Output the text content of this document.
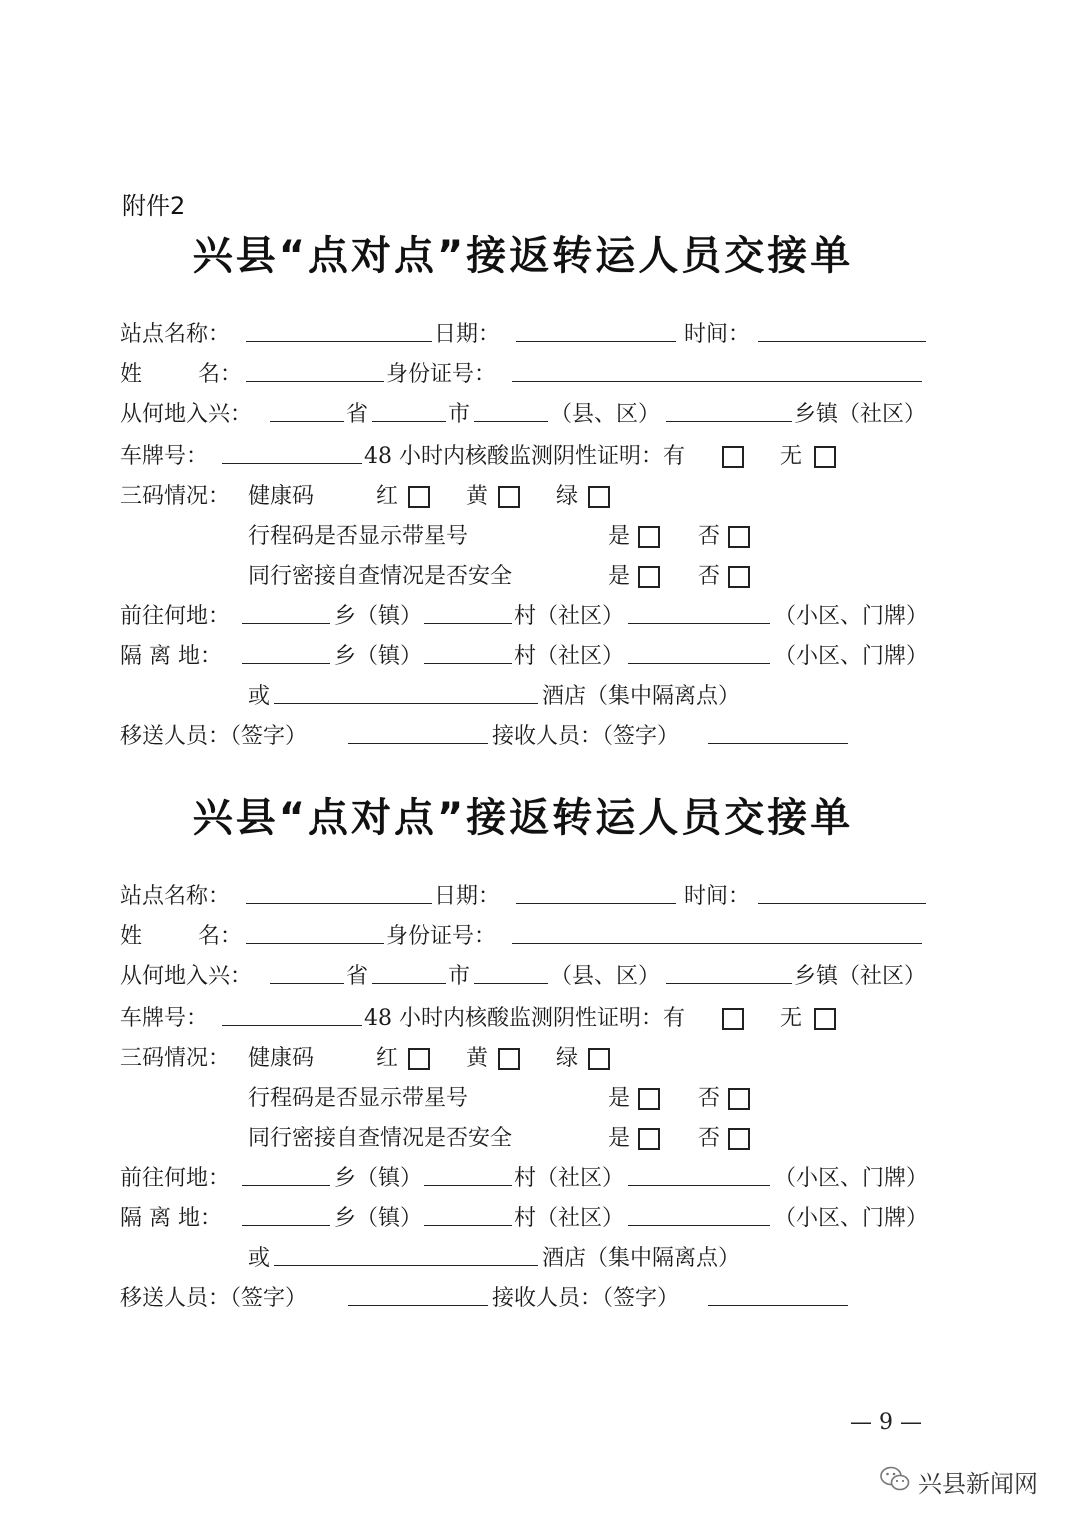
附件2
兴县“点对点”接返转运人员交接单
站点名称：	日期：	时间：
姓	名：	身份证号：
从何地入兴：	省	市	（县、区）	乡镇（社区）
车牌号：	48 小时内核酸监测阴性证明：有	无
三码情况： 健康码	红	黄	绿
行程码是否显示带星号	是	否
同行密接自查情况是否安全	是	否
前往何地：	乡（镇）	村（社区）	（小区、门牌）
隔 离 地：	乡（镇）	村（社区）	（小区、门牌）
或	酒店（集中隔离点）
移送人员：（签字）	接收人员：（签字）
兴县“点对点”接返转运人员交接单
站点名称：	日期：	时间：
姓	名：	身份证号：
从何地入兴：	省	市	（县、区）	乡镇（社区）
车牌号：	48 小时内核酸监测阴性证明：有	无
三码情况： 健康码	红	黄	绿
行程码是否显示带星号	是	否
同行密接自查情况是否安全	是	否
前往何地：	乡（镇）	村（社区）	（小区、门牌）
隔 离 地：	乡（镇）	村（社区）	（小区、门牌）
或	酒店（集中隔离点）
移送人员：（签字）	接收人员：（签字）
— 9 —
兴县新闻网
